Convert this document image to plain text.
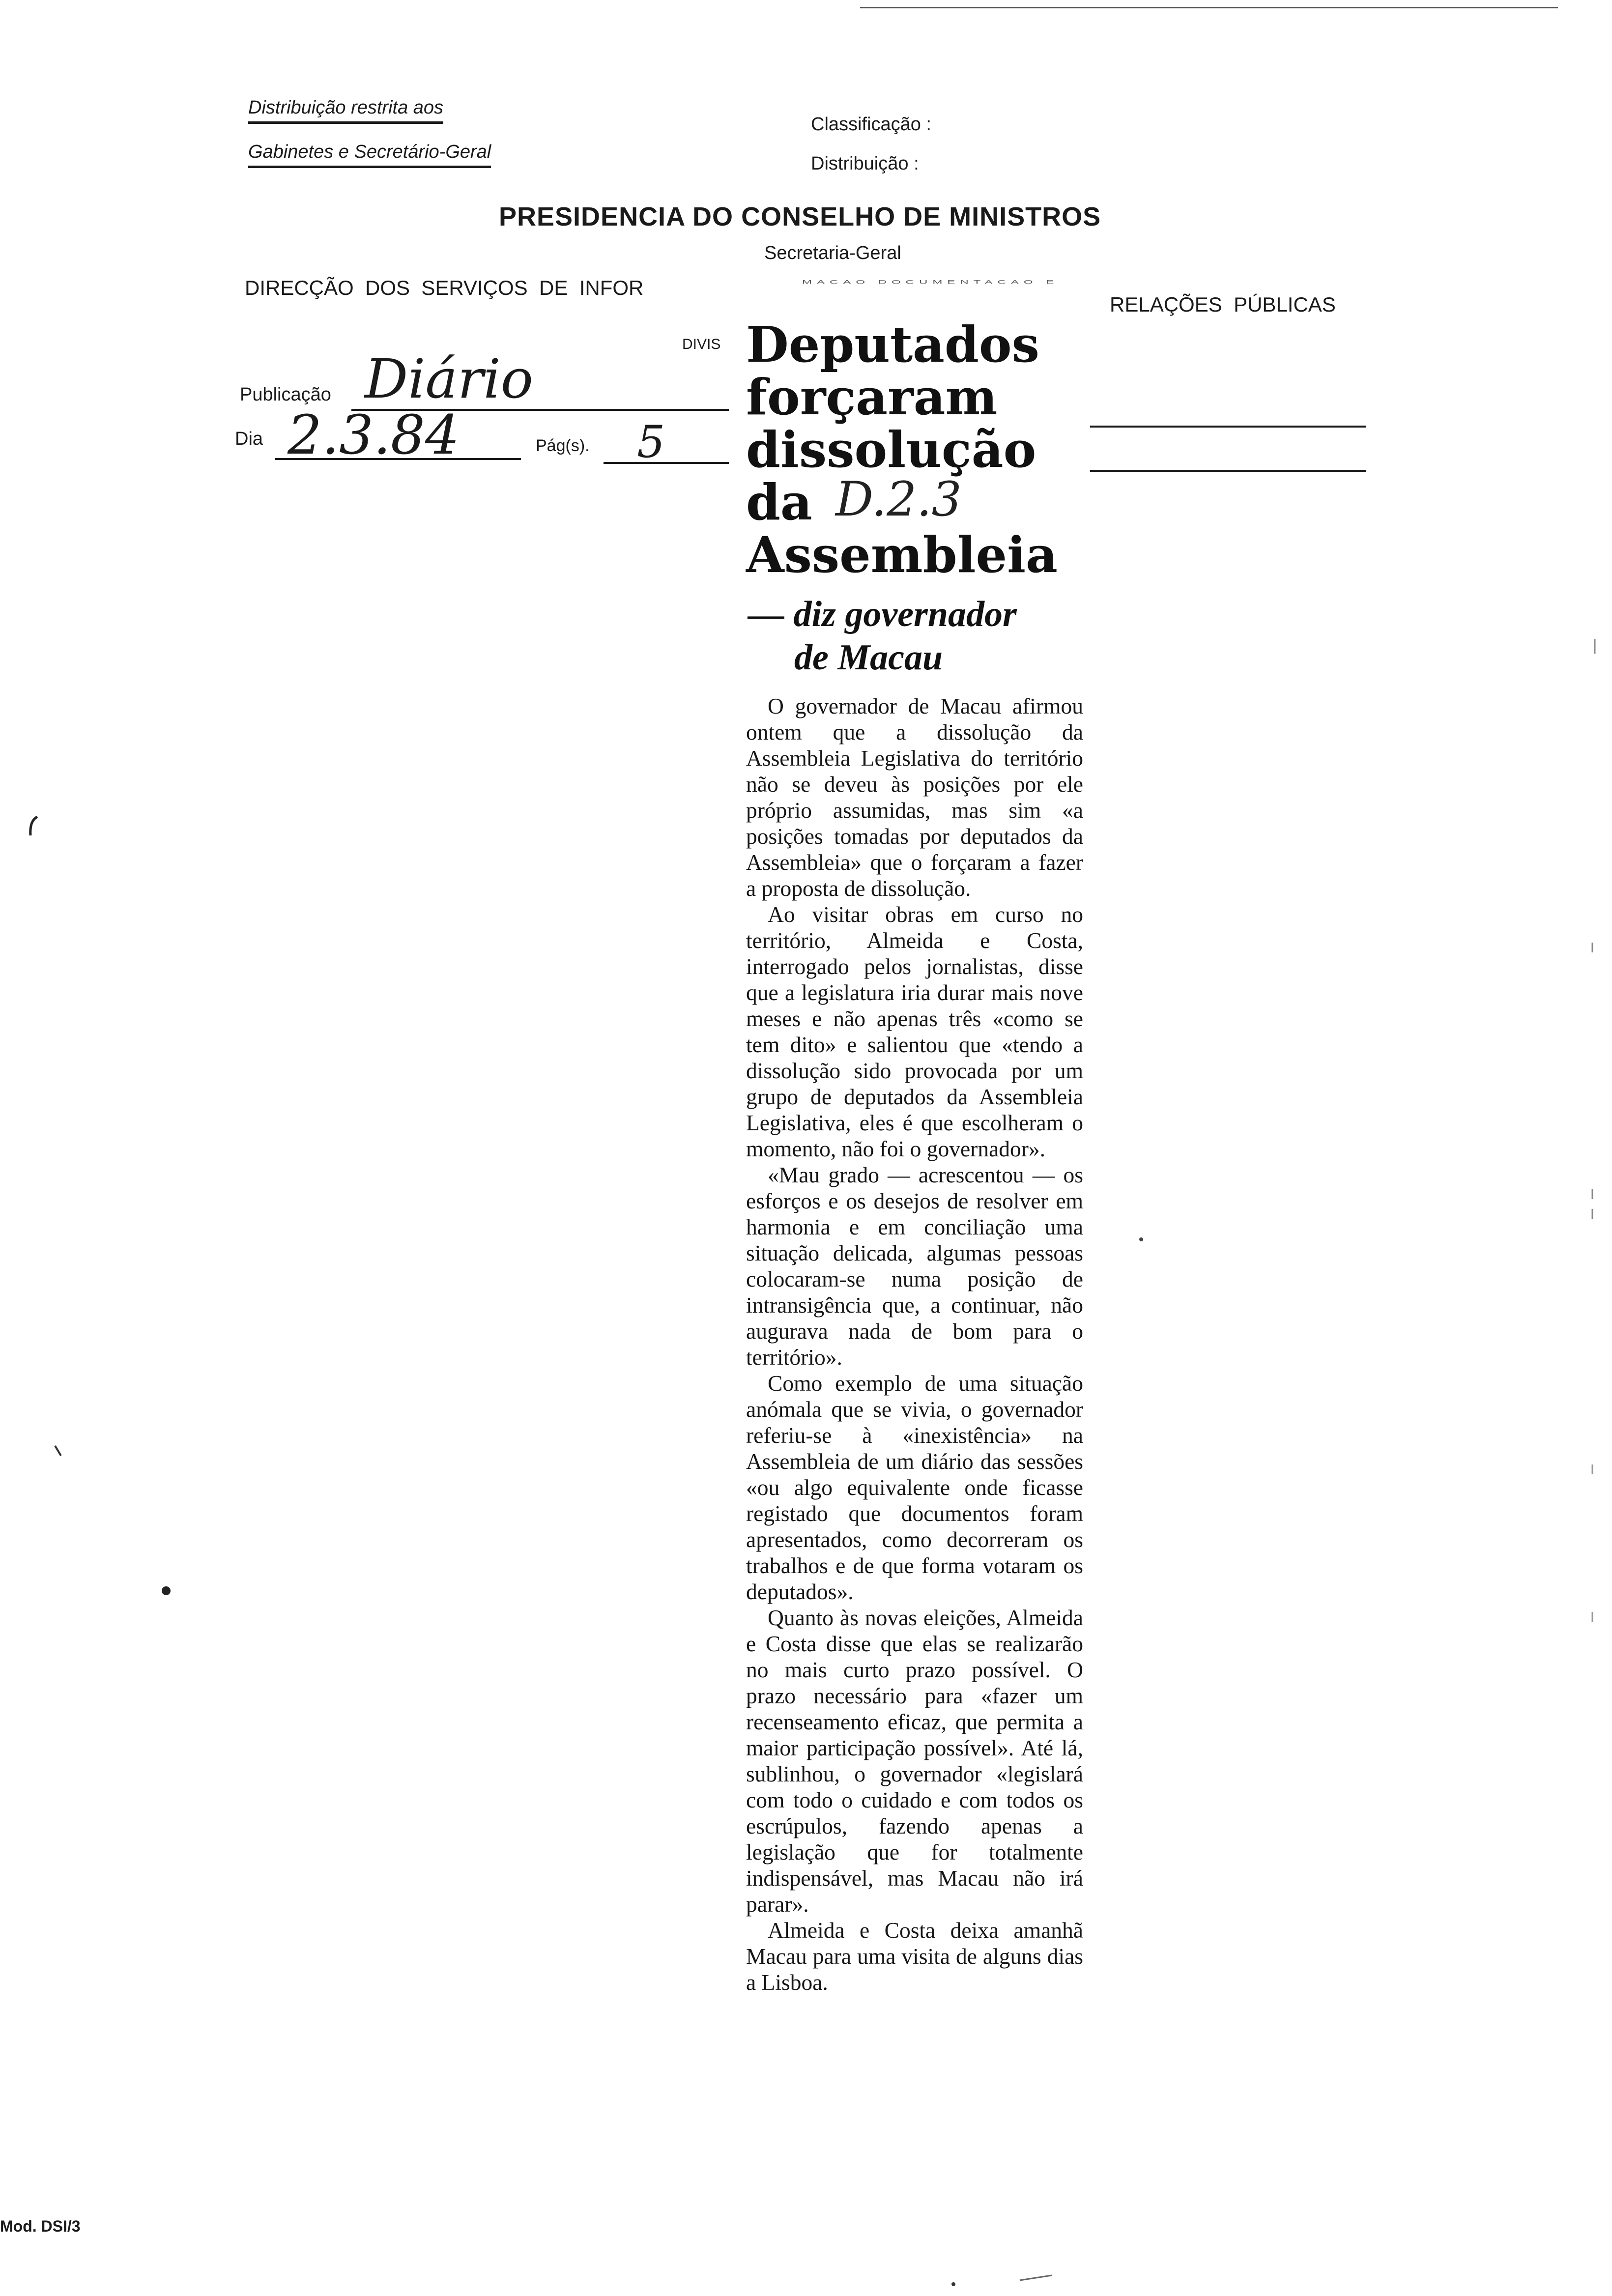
Distribuição restrita aos
Gabinetes e Secretário-Geral
Classificação :
Distribuição :
PRESIDENCIA DO CONSELHO DE MINISTROS
Secretaria-Geral
DIRECÇÃO  DOS  SERVIÇOS  DE  INFOR	MACAO DOCUMENTACAO E
RELAÇÕES  PÚBLICAS
DIVIS
Publicação Diário
Dia 2.3.84	Pág(s). 5
Deputados
forçaram
dissolução
da
Assembleia
D.2.3
— diz governador
de Macau

O governador de Macau afirmou ontem que a dissolução da Assembleia Legislativa do território não se deveu às posições por ele próprio assumidas, mas sim «a posições tomadas por deputados da Assembleia» que o forçaram a fazer a proposta de dissolução.

Ao visitar obras em curso no território, Almeida e Costa, interrogado pelos jornalistas, disse que a legislatura iria durar mais nove meses e não apenas três «como se tem dito» e salientou que «tendo a dissolução sido provocada por um grupo de deputados da Assembleia Legislativa, eles é que escolheram o momento, não foi o governador».

«Mau grado — acrescentou — os esforços e os desejos de resolver em harmonia e em conciliação uma situação delicada, algumas pessoas colocaram-se numa posição de intransigência que, a continuar, não augurava nada de bom para o território».

Como exemplo de uma situação anómala que se vivia, o governador referiu-se à «inexistência» na Assembleia de um diário das sessões «ou algo equivalente onde ficasse registado que documentos foram apresentados, como decorreram os trabalhos e de que forma votaram os deputados».

Quanto às novas eleições, Almeida e Costa disse que elas se realizarão no mais curto prazo possível. O prazo necessário para «fazer um recenseamento eficaz, que permita a maior participação possível». Até lá, sublinhou, o governador «legislará com todo o cuidado e com todos os escrúpulos, fazendo apenas a legislação que for totalmente indispensável, mas Macau não irá parar».

Almeida e Costa deixa amanhã Macau para uma visita de alguns dias a Lisboa.

Mod. DSI/3
